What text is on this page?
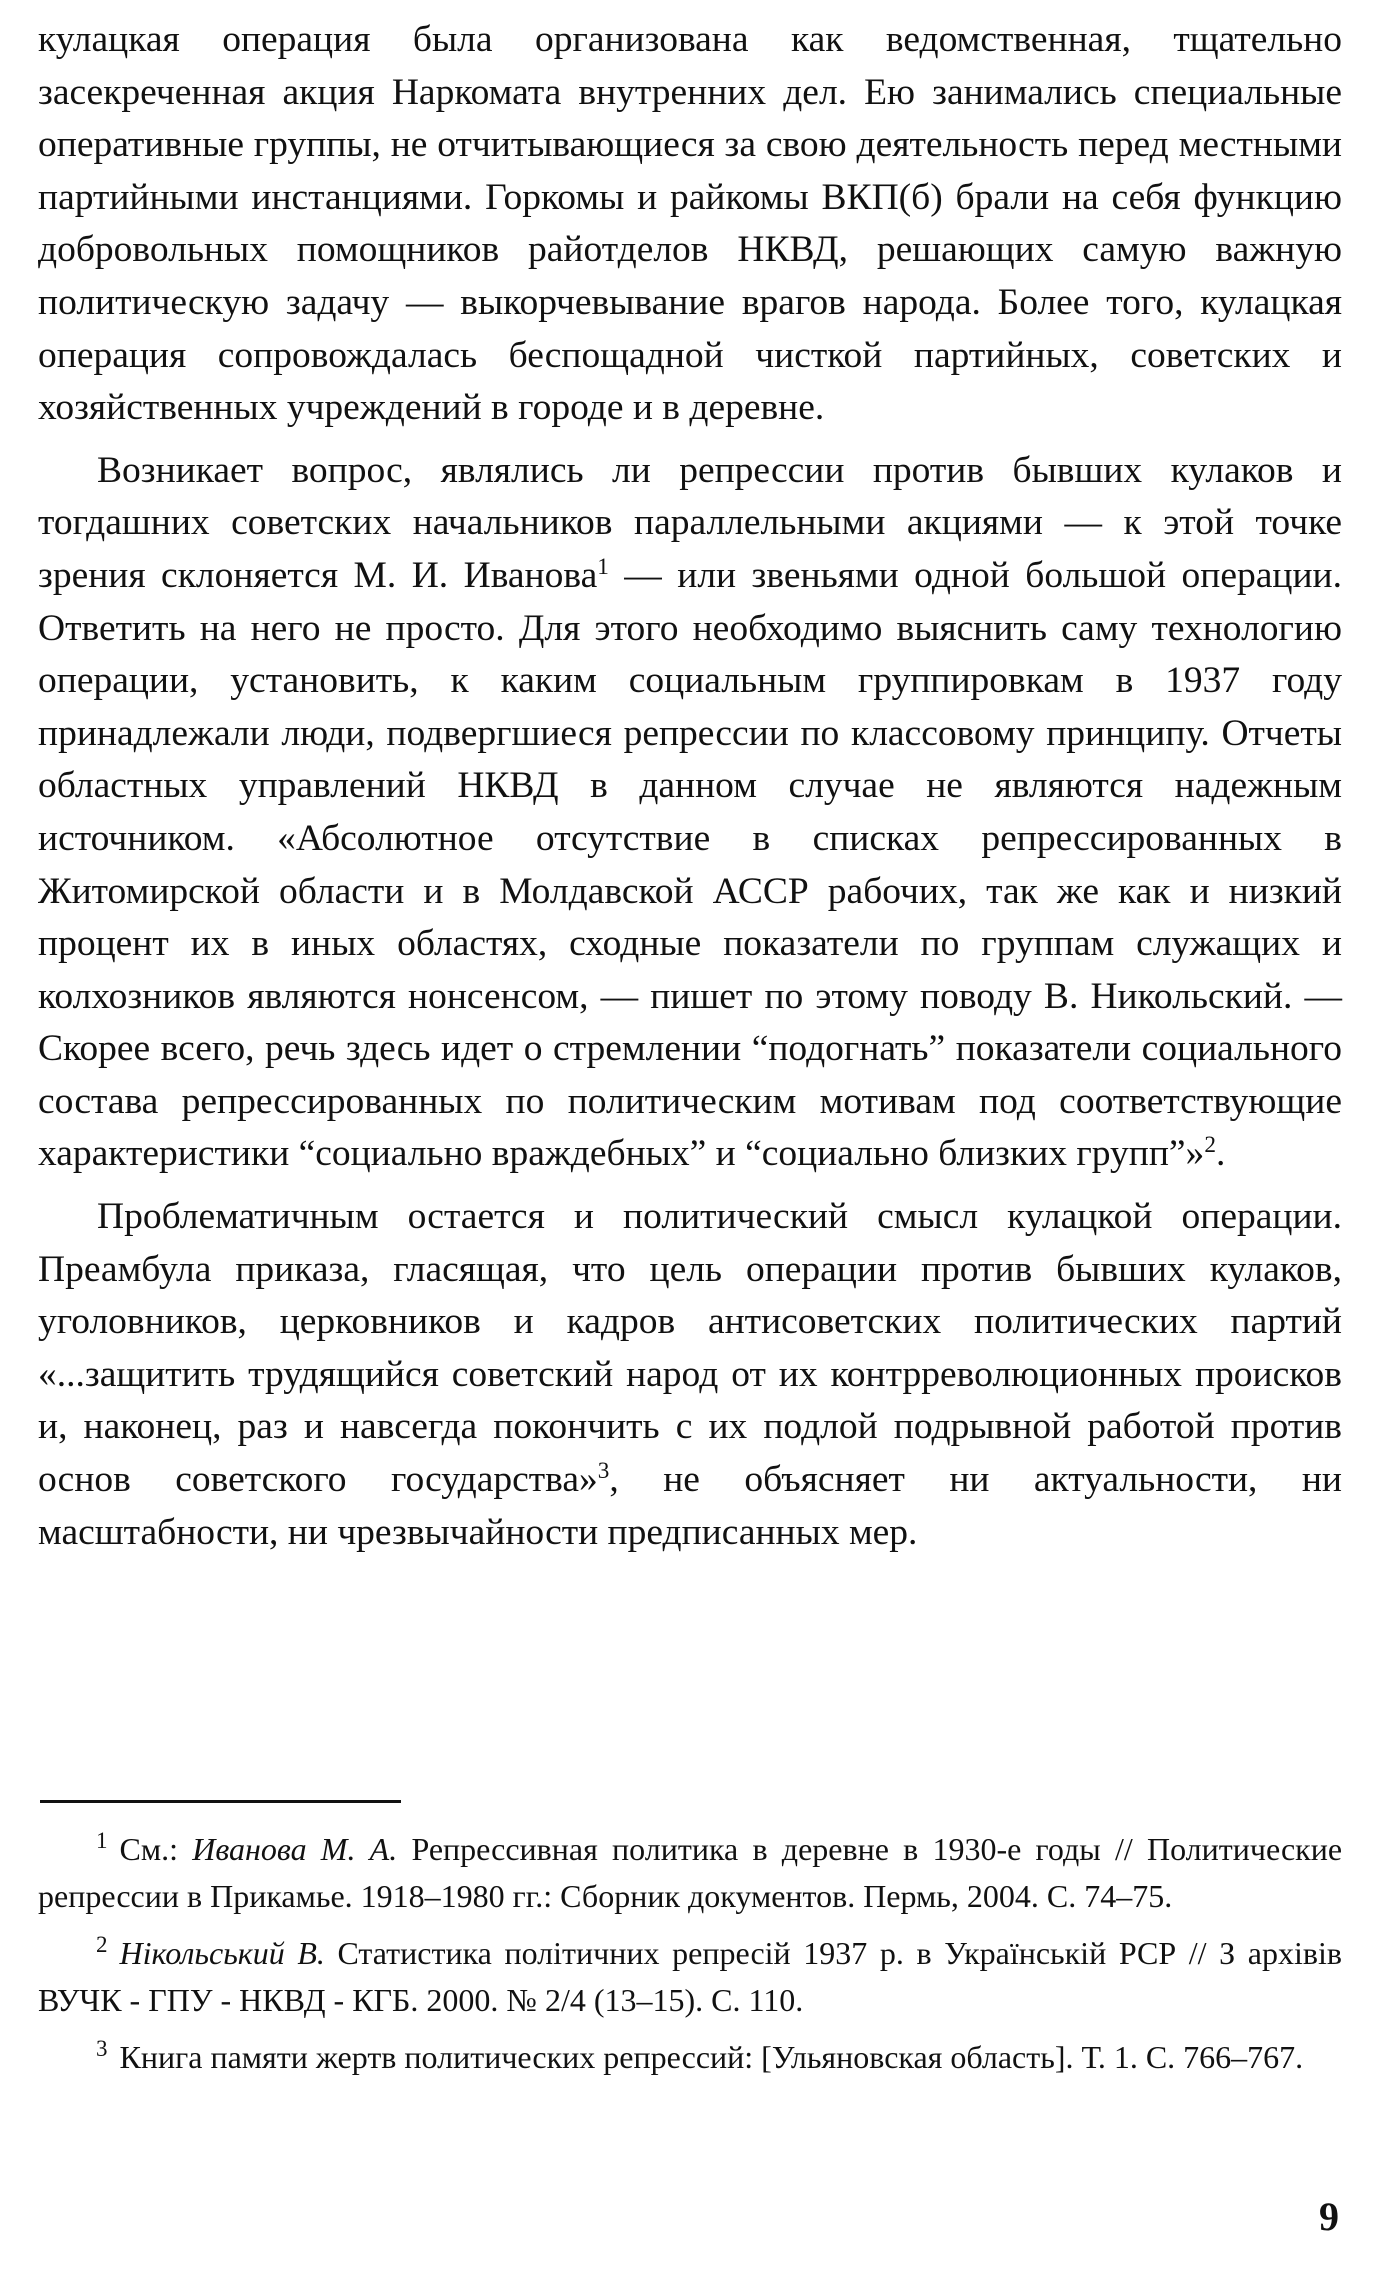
кулацкая операция была организована как ведомственная, тщательно засекреченная акция Наркомата внутренних дел. Ею занимались специальные оперативные группы, не отчитывающиеся за свою деятельность перед местными партийными инстанциями. Горкомы и райкомы ВКП(б) брали на себя функцию добровольных помощников райотделов НКВД, решающих самую важную политическую задачу — выкорчевывание врагов народа. Более того, кулацкая операция сопровождалась беспощадной чисткой партийных, советских и хозяйственных учреждений в городе и в деревне.

Возникает вопрос, являлись ли репрессии против бывших кулаков и тогдашних советских начальников параллельными акциями — к этой точке зрения склоняется М. И. Иванова$^1$ — или звеньями одной большой операции. Ответить на него не просто. Для этого необходимо выяснить саму технологию операции, установить, к каким социальным группировкам в 1937 году принадлежали люди, подвергшиеся репрессии по классовому принципу. Отчеты областных управлений НКВД в данном случае не являются надежным источником. «Абсолютное отсутствие в списках репрессированных в Житомирской области и в Молдавской АССР рабочих, так же как и низкий процент их в иных областях, сходные показатели по группам служащих и колхозников являются нонсенсом, — пишет по этому поводу В. Никольский. — Скорее всего, речь здесь идет о стремлении “подогнать” показатели социального состава репрессированных по политическим мотивам под соответствующие характеристики “социально враждебных” и “социально близких групп”»$^2$.

Проблематичным остается и политический смысл кулацкой операции. Преамбула приказа, гласящая, что цель операции против бывших кулаков, уголовников, церковников и кадров антисоветских политических партий «...защитить трудящийся советский народ от их контрреволюционных происков и, наконец, раз и навсегда покончить с их подлой подрывной работой против основ советского государства»$^3$, не объясняет ни актуальности, ни масштабности, ни чрезвычайности предписанных мер.

$^1$ См.: Иванова М. А. Репрессивная политика в деревне в 1930-е годы // Политические репрессии в Прикамье. 1918–1980 гг.: Сборник документов. Пермь, 2004. С. 74–75.

$^2$ Нікольський В. Статистика політичних репресій 1937 р. в Українській РСР // З архівів ВУЧК - ГПУ - НКВД - КГБ. 2000. № 2/4 (13–15). С. 110.

$^3$ Книга памяти жертв политических репрессий: [Ульяновская область]. Т. 1. С. 766–767.

9
